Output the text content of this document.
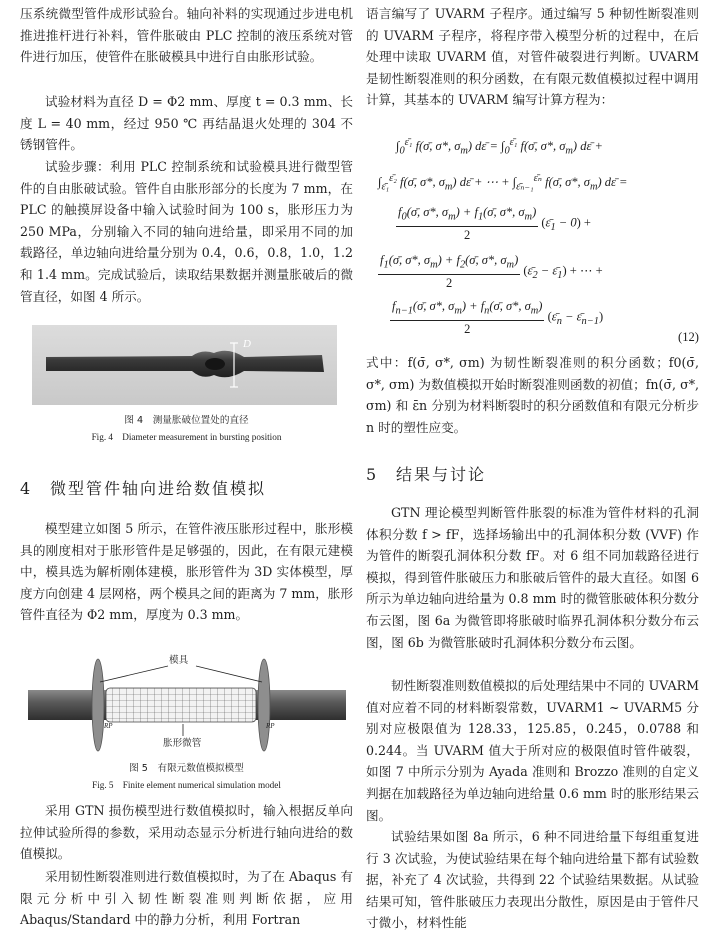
压系统微型管件成形试验台。轴向补料的实现通过步进电机推进推杆进行补料，管件胀破由 PLC 控制的液压系统对管件进行加压，使管件在胀破模具中进行自由胀形试验。

试验材料为直径 D = Φ2 mm、厚度 t = 0.3 mm、长度 L = 40 mm，经过 950 ℃ 再结晶退火处理的 304 不锈钢管件。

试验步骤：利用 PLC 控制系统和试验模具进行微型管件的自由胀破试验。管件自由胀形部分的长度为 7 mm，在 PLC 的触摸屏设备中输入试验时间为 100 s，胀形压力为 250 MPa，分别输入不同的轴向进给量，即采用不同的加载路径，单边轴向进给量分别为 0.4，0.6，0.8，1.0，1.2 和 1.4 mm。完成试验后，读取结果数据并测量胀破后的微管直径，如图 4 所示。

D
图 4　测量胀破位置处的直径
Fig. 4　Diameter measurement in bursting position
4 微型管件轴向进给数值模拟

模型建立如图 5 所示，在管件液压胀形过程中，胀形模具的刚度相对于胀形管件是足够强的，因此，在有限元建模中，模具选为解析刚体建模，胀形管件为 3D 实体模型，厚度方向创建 4 层网格，两个模具之间的距离为 7 mm，胀形管件直径为 Φ2 mm，厚度为 0.3 mm。

模具
胀形微管
RP	RP
图 5　有限元数值模拟模型
Fig. 5　Finite element numerical simulation model

采用 GTN 损伤模型进行数值模拟时，输入根据反单向拉伸试验所得的参数，采用动态显示分析进行轴向进给的数值模拟。

采用韧性断裂准则进行数值模拟时，为了在 Abaqus 有限元分析中引入韧性断裂准则判断依据，应用 Abaqus/Standard 中的静力分析，利用 Fortran

语言编写了 UVARM 子程序。通过编写 5 种韧性断裂准则的 UVARM 子程序，将程序带入模型分析的过程中，在后处理中读取 UVARM 值，对管件破裂进行判断。UVARM 是韧性断裂准则的积分函数，在有限元数值模拟过程中调用计算，其基本的 UVARM 编写计算方程为：

$\int_0^{\varepsilon̄_1}$ f(σ̄, σ*, $\sigma_m$) dε̄ = $\int_0^{\varepsilon̄_1}$ f(σ̄, σ*, $\sigma_m$) dε̄ +
$\int_{\varepsilon̄_1}^{\varepsilon̄_2}$ f(σ̄, σ*, $\sigma_m$) dε̄ + ⋯ + $\int_{\varepsilon̄_{n-1}}^{\varepsilon̄_n}$ f(σ̄, σ*, $\sigma_m$) dε̄ =
$\frac{f_0(\sigmā, \sigma*, \sigma_m) + f_1(\sigmā, \sigma*, \sigma_m)}{2}$ $(\varepsilon̄_1 - 0)$ +
$\frac{f_1(\sigmā, \sigma*, \sigma_m) + f_2(\sigmā, \sigma*, \sigma_m)}{2}$ ($\varepsilon̄_2$ − $\varepsilon̄_1$) + ⋯ +
$\frac{f_{n-1}(\sigmā, \sigma*, \sigma_m) + f_n(\sigmā, \sigma*, \sigma_m)}{2}$ ($\varepsilon̄_n$ − $\varepsilon̄_{n-1}$)
(12)

式中：f(σ̄, σ*, σm) 为韧性断裂准则的积分函数；f0(σ̄, σ*, σm) 为数值模拟开始时断裂准则函数的初值；fn(σ̄, σ*, σm) 和 ε̄n 分别为材料断裂时的积分函数值和有限元分析步 n 时的塑性应变。

5 结果与讨论

GTN 理论模型判断管件胀裂的标准为管件材料的孔洞体积分数 f > fF，选择场输出中的孔洞体积分数 (VVF) 作为管件的断裂孔洞体积分数 fF。对 6 组不同加载路径进行模拟，得到管件胀破压力和胀破后管件的最大直径。如图 6 所示为单边轴向进给量为 0.8 mm 时的微管胀破体积分数分布云图，图 6a 为微管即将胀破时临界孔洞体积分数分布云图，图 6b 为微管胀破时孔洞体积分数分布云图。

韧性断裂准则数值模拟的后处理结果中不同的 UVARM 值对应着不同的材料断裂常数，UVARM1 ~ UVARM5 分别对应极限值为 128.33，125.85，0.245，0.0788 和 0.244。当 UVARM 值大于所对应的极限值时管件破裂，如图 7 中所示分别为 Ayada 准则和 Brozzo 准则的自定义判据在加载路径为单边轴向进给量 0.6 mm 时的胀形结果云图。

试验结果如图 8a 所示，6 种不同进给量下每组重复进行 3 次试验，为使试验结果在每个轴向进给量下都有试验数据，补充了 4 次试验，共得到 22 个试验结果数据。从试验结果可知，管件胀破压力表现出分散性，原因是由于管件尺寸微小，材料性能
